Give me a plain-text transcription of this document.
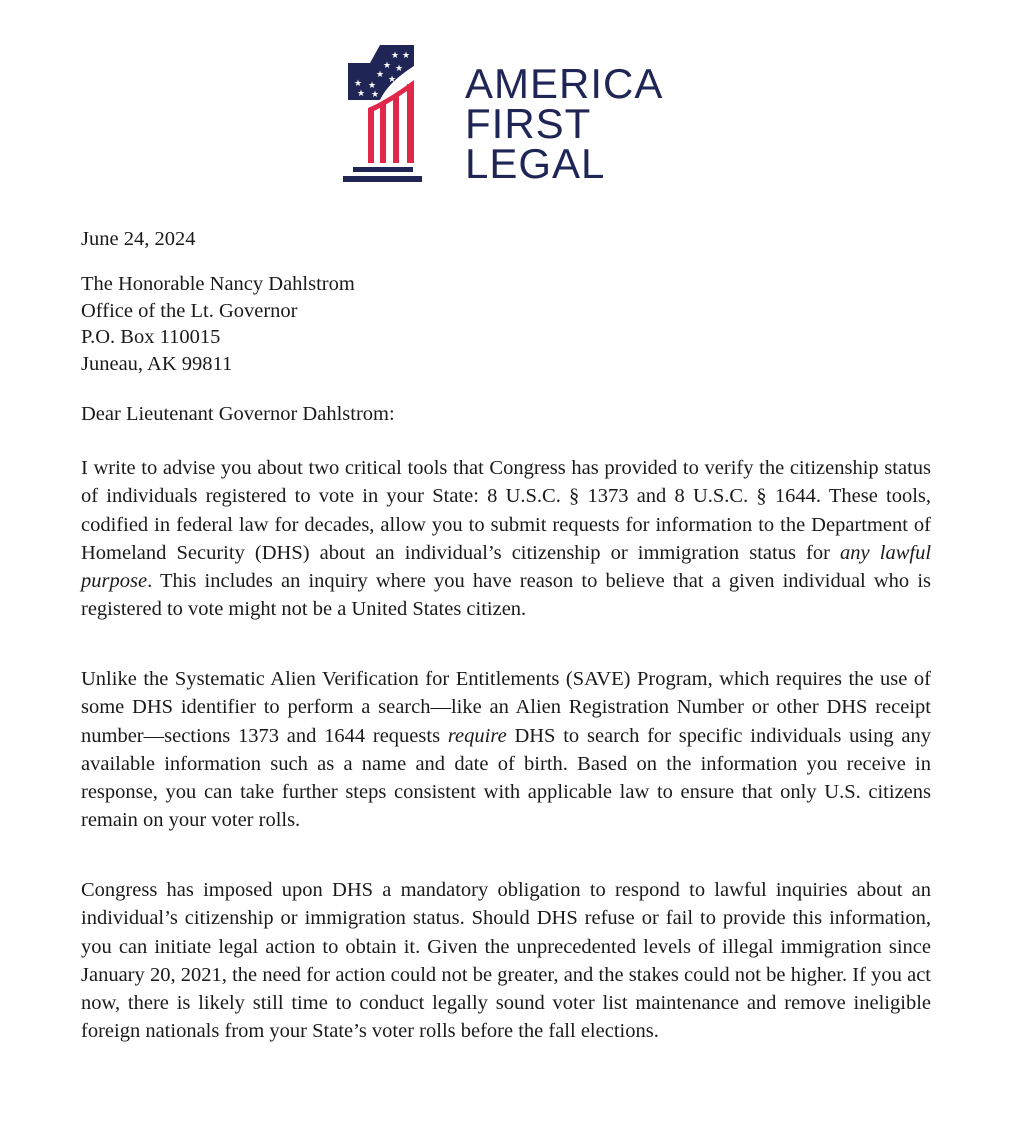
★ ★
★ ★
★ ★
★ ★
★ ★ AMERICA
FIRST
LEGAL
June 24, 2024
The Honorable Nancy Dahlstrom
Office of the Lt. Governor
P.O. Box 110015
Juneau, AK 99811
Dear Lieutenant Governor Dahlstrom:

I write to advise you about two critical tools that Congress has provided to verify the citizenship status of individuals registered to vote in your State: 8 U.S.C. § 1373 and 8 U.S.C. § 1644. These tools, codified in federal law for decades, allow you to submit requests for information to the Department of Homeland Security (DHS) about an individual’s citizenship or immigration status for any lawful purpose. This includes an inquiry where you have reason to believe that a given individual who is registered to vote might not be a United States citizen.

Unlike the Systematic Alien Verification for Entitlements (SAVE) Program, which requires the use of some DHS identifier to perform a search—like an Alien Registration Number or other DHS receipt number—sections 1373 and 1644 requests require DHS to search for specific individuals using any available information such as a name and date of birth. Based on the information you receive in response, you can take further steps consistent with applicable law to ensure that only U.S. citizens remain on your voter rolls.

Congress has imposed upon DHS a mandatory obligation to respond to lawful inquiries about an individual’s citizenship or immigration status. Should DHS refuse or fail to provide this information, you can initiate legal action to obtain it. Given the unprecedented levels of illegal immigration since January 20, 2021, the need for action could not be greater, and the stakes could not be higher. If you act now, there is likely still time to conduct legally sound voter list maintenance and remove ineligible foreign nationals from your State’s voter rolls before the fall elections.
